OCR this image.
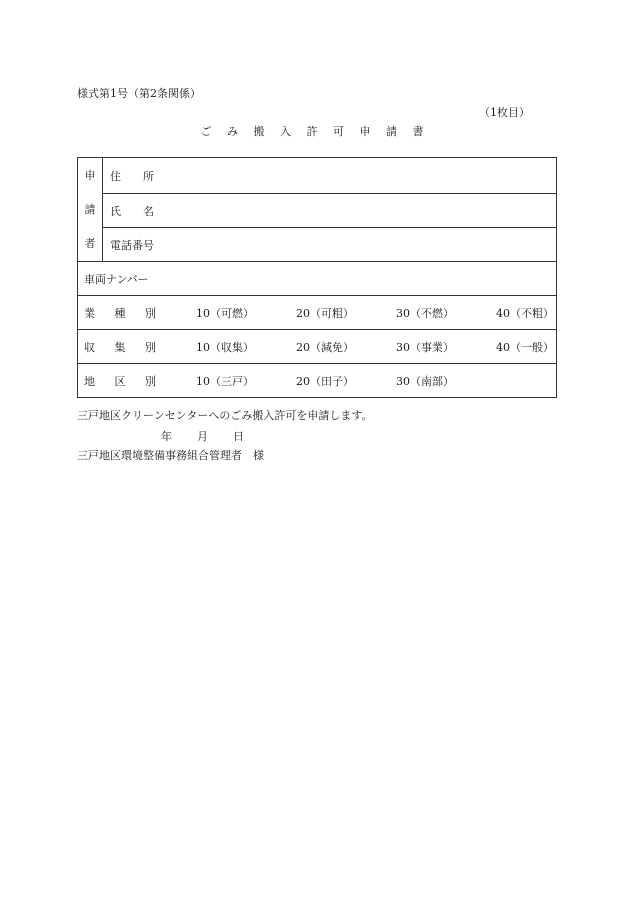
様式第1号（第2条関係）
（1枚目）
ご み 搬 入 許 可 申 請 書
申
請
者
住　　所
氏　　名
電話番号
車両ナンバー
業 種 別	10（可燃）	20（可粗）	30（不燃）	40（不粗）
収 集 別	10（収集）	20（減免）	30（事業）	40（一般）
地 区 別	10（三戸）	20（田子）	30（南部）
三戸地区クリーンセンターへのごみ搬入許可を申請します。
年	月	日
三戸地区環境整備事務組合管理者　様
